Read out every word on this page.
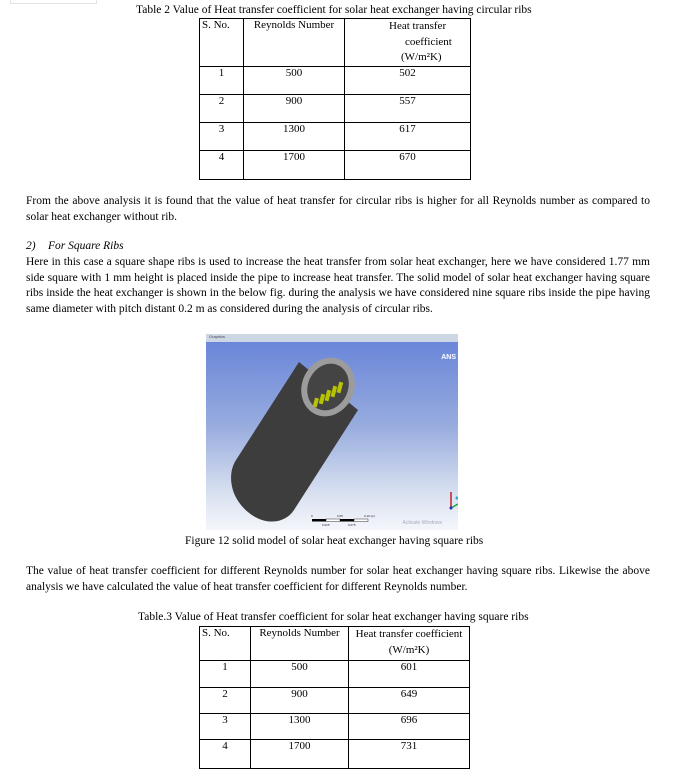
Table 2 Value of Heat transfer coefficient for solar heat exchanger having circular ribs
S. No.	Reynolds Number	Heat transfer
coefficient
(W/m²K)

1	500	502
2	900	557
3	1300	617
4	1700	670
From the above analysis it is found that the value of heat transfer for circular ribs is higher for all Reynolds number as compared to solar heat exchanger without rib.
2) For Square Ribs
Here in this case a square shape ribs is used to increase the heat transfer from solar heat exchanger, here we have considered 1.77 mm side square with 1 mm height is placed inside the pipe to increase heat transfer. The solid model of solar heat exchanger having square ribs inside the heat exchanger is shown in the below fig. during the analysis we have considered nine square ribs inside the pipe having same diameter with pitch distant 0.2 m as considered during the analysis of circular ribs.
Graphics
ANS
0	0.05	0.10 (m)
0.025	0.075	Activate Windows
Figure 12 solid model of solar heat exchanger having square ribs
The value of heat transfer coefficient for different Reynolds number for solar heat exchanger having square ribs. Likewise the above analysis we have calculated the value of heat transfer coefficient for different Reynolds number.
Table.3 Value of Heat transfer coefficient for solar heat exchanger having square ribs
S. No.	Reynolds Number	Heat transfer coefficient
(W/m²K)

1	500	601
2	900	649
3	1300	696
4	1700	731
